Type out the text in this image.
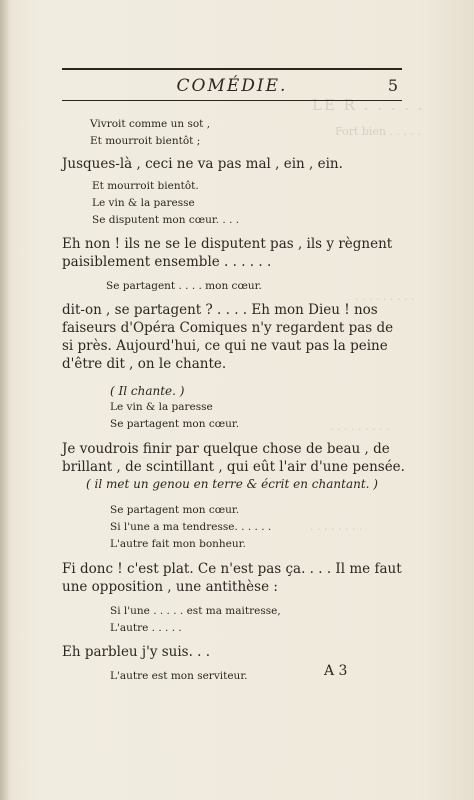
LE R . . . . .
Fort bien . . . . .
. . . . . . . . .
. . . . . . . . .
. . . . . . . .
COMÉDIE.	5
Vivroit comme un sot ,
Et mourroit bientôt ;
Jusques-là , ceci ne va pas mal , ein , ein.
Et mourroit bientôt.
Le vin & la paresse
Se disputent mon cœur. . . .
Eh non ! ils ne se le disputent pas , ils y règnent
paisiblement ensemble . . . . . .
Se partagent . . . . mon cœur.
dit-on , se partagent ? . . . . Eh mon Dieu ! nos
faiseurs d'Opéra Comiques n'y regardent pas de
si près. Aujourd'hui, ce qui ne vaut pas la peine
d'être dit , on le chante.
( Il chante. )
Le vin & la paresse
Se partagent mon cœur.
Je voudrois finir par quelque chose de beau , de
brillant , de scintillant , qui eût l'air d'une pensée.
( il met un genou en terre & écrit en chantant. )
Se partagent mon cœur.
Si l'une a ma tendresse. . . . . .
L'autre fait mon bonheur.
Fi donc ! c'est plat. Ce n'est pas ça. . . . Il me faut
une opposition , une antithèse :
Si l'une . . . . . est ma maitresse,
L'autre . . . . .
Eh parbleu j'y suis. . .
L'autre est mon serviteur.	A 3
